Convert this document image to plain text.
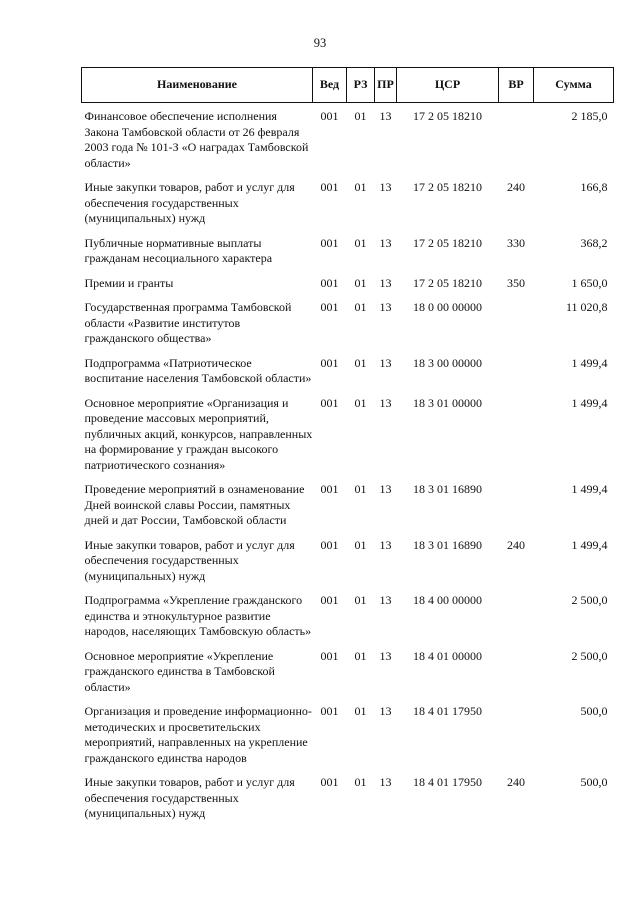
93
Наименование	Вед	РЗ	ПР	ЦСР	ВР	Сумма
Финансовое обеспечение исполнения Закона Тамбовской области от 26 февраля 2003 года № 101-З «О наградах Тамбовской области»	001	01	13	17 2 05 18210		2 185,0
Иные закупки товаров, работ и услуг для обеспечения государственных (муниципальных) нужд	001	01	13	17 2 05 18210	240	166,8
Публичные нормативные выплаты гражданам несоциального характера	001	01	13	17 2 05 18210	330	368,2
Премии и гранты	001	01	13	17 2 05 18210	350	1 650,0
Государственная программа Тамбовской области «Развитие институтов гражданского общества»	001	01	13	18 0 00 00000		11 020,8
Подпрограмма «Патриотическое воспитание населения Тамбовской области»	001	01	13	18 3 00 00000		1 499,4
Основное мероприятие «Организация и проведение массовых мероприятий, публичных акций, конкурсов, направленных на формирование у граждан высокого патриотического сознания»	001	01	13	18 3 01 00000		1 499,4
Проведение мероприятий в ознаменование Дней воинской славы России, памятных дней и дат России, Тамбовской области	001	01	13	18 3 01 16890		1 499,4
Иные закупки товаров, работ и услуг для обеспечения государственных (муниципальных) нужд	001	01	13	18 3 01 16890	240	1 499,4
Подпрограмма «Укрепление гражданского единства и этнокультурное развитие народов, населяющих Тамбовскую область»	001	01	13	18 4 00 00000		2 500,0
Основное мероприятие «Укрепление гражданского единства в Тамбовской области»	001	01	13	18 4 01 00000		2 500,0
Организация и проведение информационно-методических и просветительских мероприятий, направленных на укрепление гражданского единства народов	001	01	13	18 4 01 17950		500,0
Иные закупки товаров, работ и услуг для обеспечения государственных (муниципальных) нужд	001	01	13	18 4 01 17950	240	500,0
